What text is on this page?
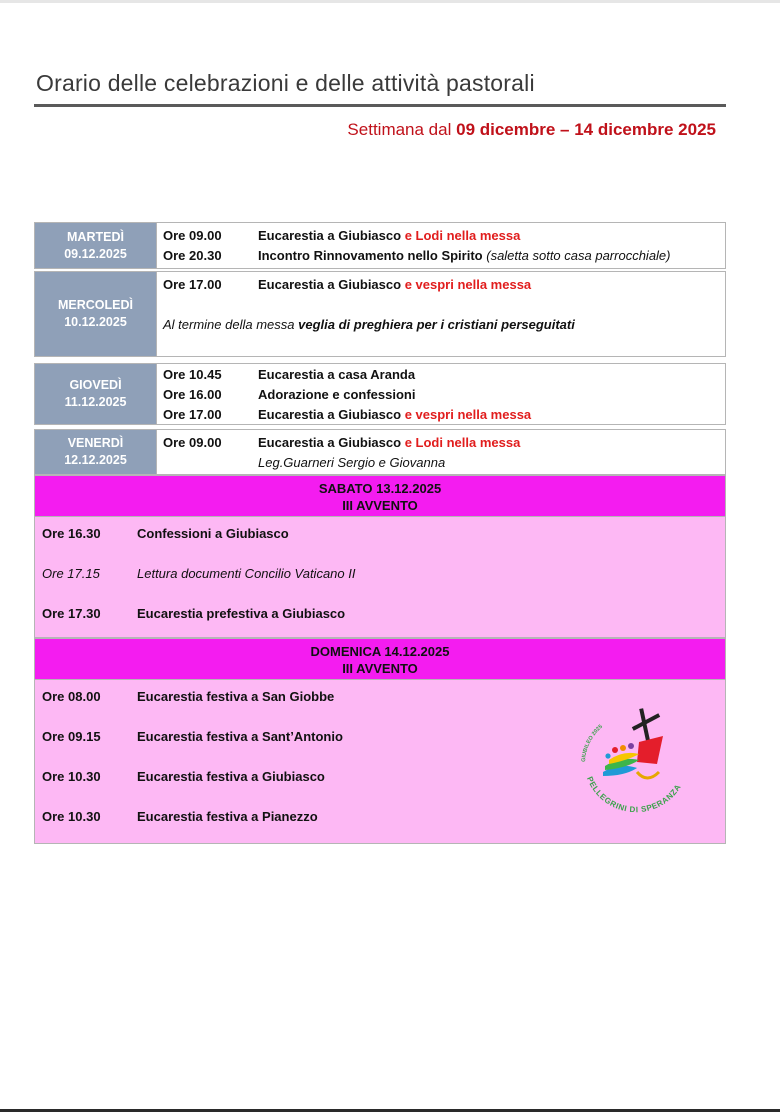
Orario delle celebrazioni e delle attività pastorali
Settimana dal 09 dicembre – 14 dicembre 2025
MARTEDÌ
09.12.2025
Ore 09.00	Eucarestia a Giubiasco e Lodi nella messa
Ore 20.30	Incontro Rinnovamento nello Spirito (saletta sotto casa parrocchiale)
MERCOLEDÌ
10.12.2025
Ore 17.00	Eucarestia a Giubiasco e vespri nella messa
Al termine della messa veglia di preghiera per i cristiani perseguitati
GIOVEDÌ
11.12.2025
Ore 10.45	Eucarestia a casa Aranda
Ore 16.00	Adorazione e confessioni
Ore 17.00	Eucarestia a Giubiasco e vespri nella messa
VENERDÌ
12.12.2025
Ore 09.00	Eucarestia a Giubiasco e Lodi nella messa
Leg.Guarneri Sergio e Giovanna
SABATO 13.12.2025
III AVVENTO
Ore 16.30	Confessioni a Giubiasco
Ore 17.15	Lettura documenti Concilio Vaticano II
Ore 17.30	Eucarestia prefestiva a Giubiasco
DOMENICA 14.12.2025
III AVVENTO
Ore 08.00	Eucarestia festiva a San Giobbe
Ore 09.15	Eucarestia festiva a Sant’Antonio
Ore 10.30	Eucarestia festiva a Giubiasco
Ore 10.30	Eucarestia festiva a Pianezzo
GIUBILEO 2025
PELLEGRINI DI SPERANZA
